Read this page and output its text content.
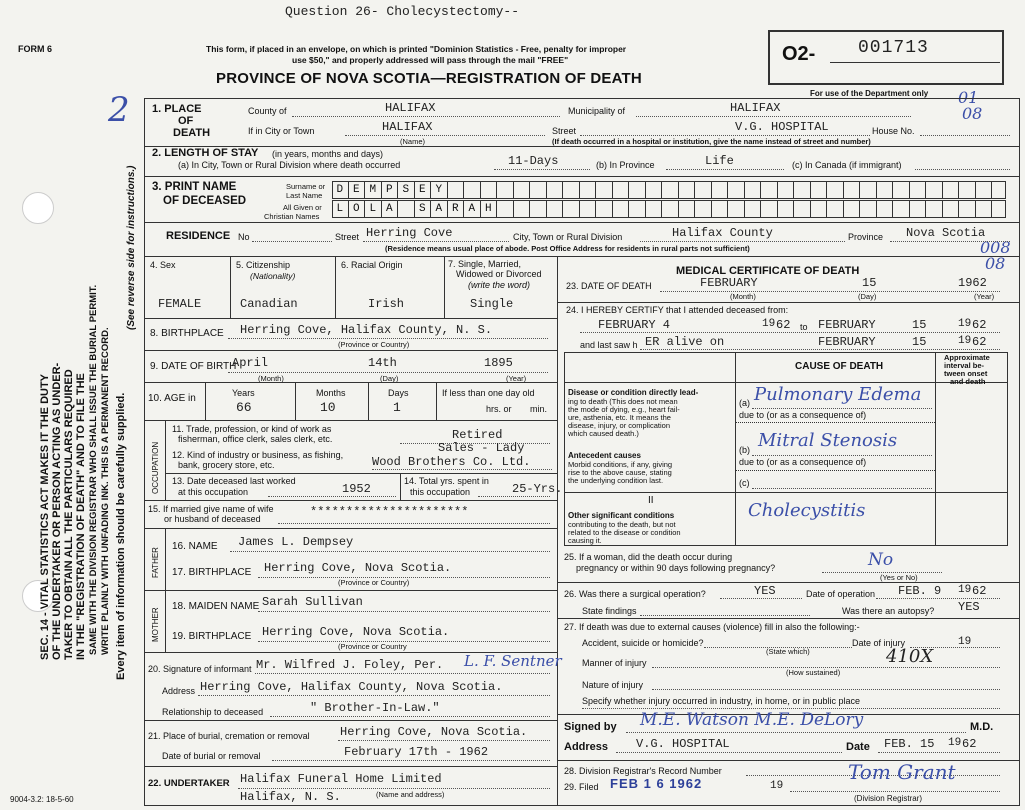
SEC. 14 - VITAL STATISTICS ACT MAKES IT THE DUTY OF THE UNDERTAKER OR PERSON ACTING AS UNDER- TAKER TO OBTAIN ALL THE PARTICULARS REQUIRED IN THE "REGISTRATION OF DEATH" AND TO FILE THE SAME WITH THE DIVISION REGISTRAR WHO SHALL ISSUE THE BURIAL PERMIT. WRITE PLAINLY WITH UNFADING INK. THIS IS A PERMANENT RECORD. Every item of information should be carefully supplied.
(See reverse side for instructions.)
2
Question 26- Cholecystectomy--
FORM 6	This form, if placed in an envelope, on which is printed "Dominion Statistics - Free, penalty for improper
use $50," and properly addressed will pass through the mail "FREE"
PROVINCE OF NOVA SCOTIA—REGISTRATION OF DEATH
O2- 001713
For use of the Department only 01
08
008
08
1. PLACE
OF
DEATH
County of	HALIFAX	Municipality of	HALIFAX
If in City or Town	HALIFAX
(Name)
Street	V.G. HOSPITAL	House No.
(If death occurred in a hospital or institution, give the name instead of street and number)
2. LENGTH OF STAY (in years, months and days)
(a) In City, Town or Rural Division where death occurred	11-Days	(b) In Province	Life	(c) In Canada (if immigrant)
3. PRINT NAME
OF DECEASED
Surname or
Last Name
All Given or
Christian Names
D E M P S E Y
L O L A	S A R A H
RESIDENCE No	Street Herring Cove	City, Town or Rural Division	Halifax County	Province Nova Scotia
(Residence means usual place of abode. Post Office Address for residents in rural parts not sufficient)
4. Sex
FEMALE
5. Citizenship
(Nationality)
Canadian
6. Racial Origin
Irish
7. Single, Married,
Widowed or Divorced
(write the word)
Single
8. BIRTHPLACE Herring Cove, Halifax County, N. S.
(Province or Country)
9. DATE OF BIRTH
April	14th	1895
(Month)	(Day)	(Year)
10. AGE in	Years
66
Months
10
Days
1
If less than one day old
hrs. or min.
OCCUPATION
11. Trade, profession, or kind of work as
fisherman, office clerk, sales clerk, etc.	Retired
Sales - Lady
12. Kind of industry or business, as fishing,
bank, grocery store, etc.	Wood Brothers Co. Ltd.
13. Date deceased last worked
at this occupation	1952
14. Total yrs. spent in
this occupation	25-Yrs.
15. If married give name of wife
or husband of deceased	**********************
FATHER
16. NAME James L. Dempsey
17. BIRTHPLACE Herring Cove, Nova Scotia.
(Province or Country)
MOTHER
18. MAIDEN NAME Sarah Sullivan
19. BIRTHPLACE Herring Cove, Nova Scotia.
(Province or Country
20. Signature of informant Mr. Wilfred J. Foley, Per. L. F. Sentner
Address Herring Cove, Halifax County, Nova Scotia.
Relationship to deceased	" Brother-In-Law."
21. Place of burial, cremation or removal	Herring Cove, Nova Scotia.
Date of burial or removal	February 17th - 1962
22. UNDERTAKER Halifax Funeral Home Limited
Halifax, N. S.	(Name and address)
9004-3.2: 18-5-60
MEDICAL CERTIFICATE OF DEATH
23. DATE OF DEATH	FEBRUARY	15	1962
(Month)	(Day)	(Year)
24. I HEREBY CERTIFY that I attended deceased from:
FEBRUARY 4	19 62 to FEBRUARY	15	19 62
and last saw h ER alive on	FEBRUARY	15	19 62
CAUSE OF DEATH
Approximate
interval be-
tween onset
and death
Disease or condition directly lead-
ing to death (This does not mean
the mode of dying, e.g., heart fail-
ure, asthenia, etc. It means the
disease, injury, or complication
which caused death.)
(a) Pulmonary Edema
due to (or as a consequence of)
Antecedent causes
Morbid conditions, if any, giving
rise to the above cause, stating
the underlying condition last.
(b) Mitral Stenosis
due to (or as a consequence of)
(c)
II
Other significant conditions
contributing to the death, but not
related to the disease or condition
causing it.
Cholecystitis
25. If a woman, did the death occur during
pregnancy or within 90 days following pregnancy?	No
(Yes or No)
26. Was there a surgical operation?	YES	Date of operation FEB. 9 19 62
State findings	Was there an autopsy? YES
27. If death was due to external causes (violence) fill in also the following:-
Accident, suicide or homicide?	Date of injury	19
(State which)
Manner of injury	410X
(How sustained)
Nature of injury
Specify whether injury occurred in industry, in home, or in public place
Signed by M.E. Watson M.E. DeLory	M.D.
Address V.G. HOSPITAL	Date FEB. 15 19 62
28. Division Registrar's Record Number
29. Filed FEB 1 6 1962	19
Tom Grant
(Division Registrar)
